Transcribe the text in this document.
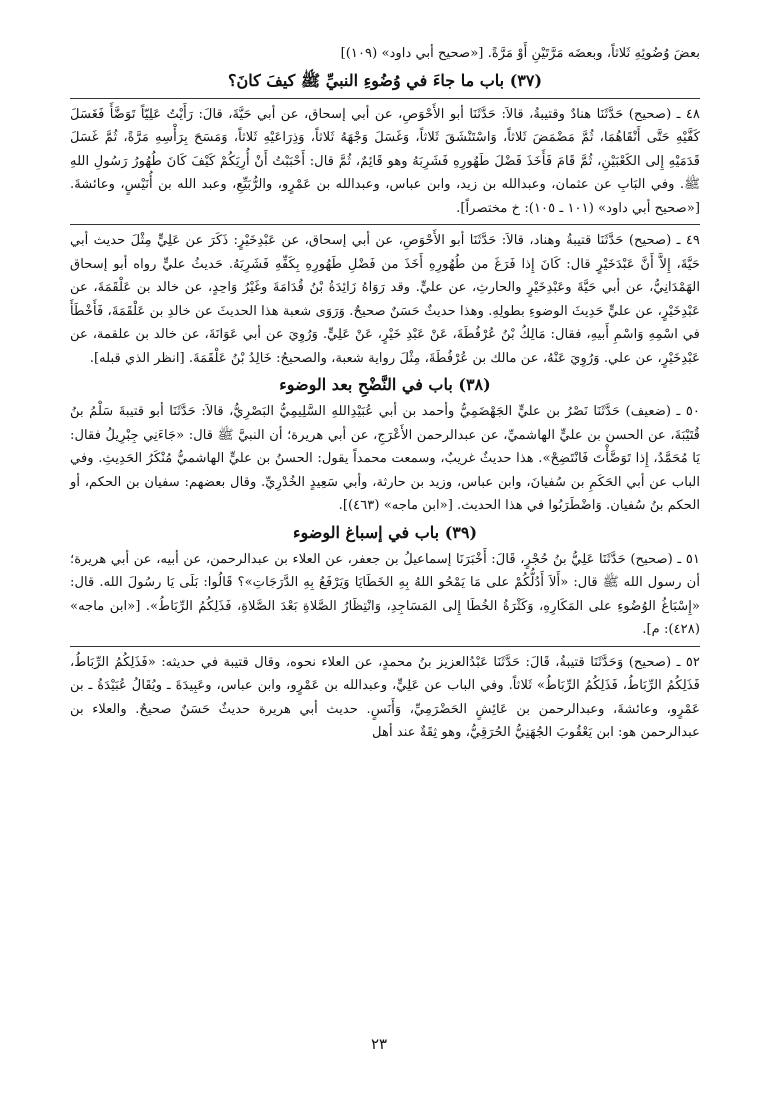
بعضَ وُضُوئِهِ ثَلاثاً، وبعضَه مَرَّتَيْنِ أَوْ مَرَّةً. [«صحيح أبي داود» (١٠٩)]

(٣٧) باب ما جاءَ في وُضُوءِ النبيِّ ﷺ كيفَ كانَ؟

٤٨ ـ (صحيح) حَدَّثَنَا هنادٌ وقتيبةُ، قالاَ: حَدَّثَنَا أبو الأَحْوَصِ، عن أبي إسحاق، عن أبي حَيَّةَ، قالَ: رَأَيْتُ عَلِيّاً تَوَضَّأَ فَغَسَلَ كَفَّيْهِ حَتَّى أَنْقَاهُمَا، ثُمَّ مَضْمَضَ ثَلاثاً، وَاسْتَنْشَقَ ثَلاثاً، وَغَسَلَ وَجْهَهُ ثَلاثاً، وَذِرَاعَيْهِ ثَلاثاً، وَمَسَحَ بِرَأْسِهِ مَرَّةً، ثُمَّ غَسَلَ قَدَمَيْهِ إِلى الكَعْبَيْنِ، ثُمَّ قَامَ فَأَخَذَ فَضْلَ طَهُورِهِ فَشَرِبَهُ وهو قَائِمٌ، ثُمَّ قال: أَحْبَبْتُ أَنْ أُرِيَكُمْ كَيْفَ كَانَ طُهُورُ رَسُولِ اللهِ ﷺ. وفي البَابِ عن عثمان، وعبدالله بن زيد، وابن عباس، وعبدالله بن عَمْرٍو، والرُّبَيِّعِ، وعبد الله بن أُنَيْسٍ، وعائشةَ. [«صحيح أبي داود» (١٠١ ـ ١٠٥): خ مختصراً].

٤٩ ـ (صحيح) حَدَّثَنَا قتيبةُ وهناد، قالاَ: حَدَّثَنَا أبو الأَحْوَصِ، عن أبي إسحاق، عن عَبْدِخَيْرٍ: ذَكَرَ عن عَلِيٍّ مِثْلَ حديث أبي حَيَّةَ، إِلاَّ أَنَّ عَبْدَخَيْرٍ قال: كَانَ إِذا فَرَغَ من طُهُورِهِ أَخَذَ من فَضْلِ طَهُورِهِ بِكَفِّهِ فَشَرِبَهُ. حَديثُ عليٍّ رواه أبو إسحاق الهَمْدَانِيُّ، عن أبي حَيَّةَ وعَبْدِخَيْرٍ والحارثِ، عن عليٍّ. وقد رَوَاهُ زَائِدَةُ بْنُ قُدَامَةَ وغَيْرُ وَاحِدٍ، عن خالد بن عَلْقَمَةَ، عن عَبْدِخَيْرٍ، عن عليٍّ حَدِيثَ الوضوءِ بطولِهِ. وهذا حديثٌ حَسَنٌ صحيحٌ. وَرَوَى شعبة هذا الحديثَ عن خالدِ بن عَلْقَمَةَ، فَأَخْطَأَ في اسْمِهِ وَاسْمِ أَبيهِ، فقال: مَالِكُ بْنُ عُرْفُطَةَ، عَنْ عَبْدِ خَيْرٍ، عَنْ عَلِيٍّ. وَرُوِيَ عن أبي عَوَانَةَ، عن خالد بن علقمة، عن عَبْدِخَيْرٍ، عن علي. وَرُوِيَ عَنْهُ، عن مالك بن عُرْفُطَةَ، مِثْلَ رواية شعبة، والصحيحُ: خَالِدُ بْنُ عَلْقَمَةَ. [انظر الذي قبله].

(٣٨) باب في النَّضْحِ بعد الوضوء

٥٠ ـ (ضعيف) حَدَّثَنَا نَصْرُ بن عليٍّ الجَهْضَمِيُّ وأحمد بن أبي عُبَيْدِاللهِ السَّلِيمِيُّ البَصْرِيُّ، قالاَ: حَدَّثَنَا أبو قتيبةَ سَلْمُ بنُ قُتَيْبَةَ، عن الحسن بن عليٍّ الهاشميِّ، عن عبدالرحمن الأَعْرَجِ، عن أبي هريرة؛ أن النبيَّ ﷺ قال: «جَاءَنِي جِبْرِيلُ فقال: يَا مُحَمَّدُ، إِذا تَوَضَّأْتَ فَانْتَضِحْ». هذا حديثٌ غريبٌ، وسمعت محمداً يقول: الحسنُ بن عليٍّ الهاشميُّ مُنْكَرُ الحَدِيثِ. وفي الباب عن أبي الحَكَمِ بن سُفيانَ، وابن عباس، وزيد بن حارثة، وأبي سَعِيدٍ الخُدْرِيِّ. وقال بعضهم: سفيان بن الحكم، أو الحكم بنُ سُفيان. وَاضْطَرَبُوا في هذا الحديث. [«ابن ماجه» (٤٦٣)].

(٣٩) باب في إسباغ الوضوء

٥١ ـ (صحيح) حَدَّثَنَا عَلِيُّ بنُ حُجْرٍ، قَالَ: أَخْبَرَنَا إسماعيلُ بن جعفر، عن العلاء بن عبدالرحمن، عن أبيه، عن أبي هريرة؛ أن رسول الله ﷺ قال: «أَلاَ أَدُلُّكُمْ على مَا يَمْحُو اللهُ بِهِ الخَطَايَا وَيَرْفَعُ بِهِ الدَّرَجَاتِ»؟ قَالُوا: بَلَى يَا رسُولَ الله. قال: «إِسْبَاغُ الوُضُوءِ على المَكَارِهِ، وَكَثْرَةُ الخُطَا إِلى المَسَاجِدِ، وَانْتِظَارُ الصَّلاةِ بَعْدَ الصَّلاةِ، فَذَلِكُمُ الرِّبَاطُ». [«ابن ماجه» (٤٢٨): م].

٥٢ ـ (صحيح) وَحَدَّثَنَا قتيبةُ، قَالَ: حَدَّثَنَا عَبْدُالعزيز بنُ محمدٍ، عن العلاء نحوه، وقال قتيبة في حديثه: «فَذَلِكُمُ الرِّبَاطُ، فَذَلِكُمُ الرِّبَاطُ، فَذَلِكُمُ الرِّبَاطُ» ثَلاثاً. وفي الباب عن عَلِيٍّ، وعبدالله بن عَمْرٍو، وابن عباس، وعَبِيدَةَ ـ ويُقَالُ عُبَيْدَةُ ـ بن عَمْرٍو، وعائشةَ، وعبدالرحمن بن عَائِشٍ الحَضْرَمِيِّ، وَأَنَسٍ. حديث أبي هريرة حديثٌ حَسَنٌ صحيحٌ. والعلاء بن عبدالرحمن هو: ابن يَعْقُوبَ الجُهَنِيُّ الحُرَقِيُّ، وهو ثِقَةٌ عند أهل

٢٣
